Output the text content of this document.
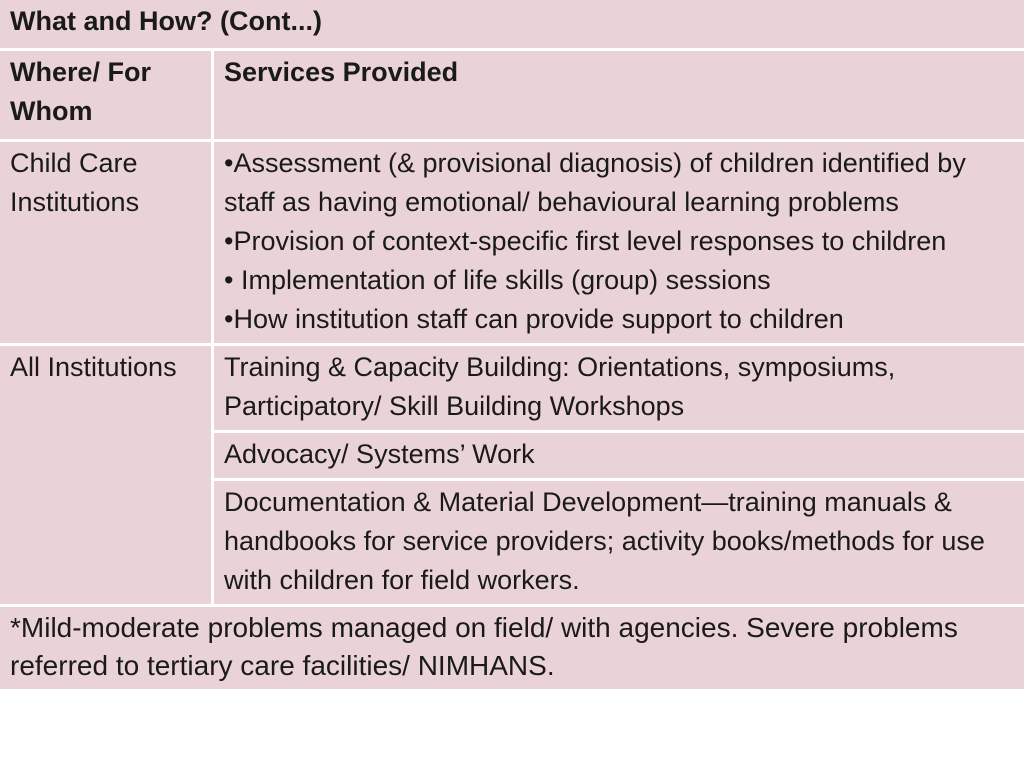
What and How? (Cont...)	
Where/ For Whom	Services Provided
Child Care Institutions	• Assessment (& provisional diagnosis) of children identified by staff as having emotional/ behavioural learning problems
• Provision of context-specific first level responses to children
• Implementation of life skills (group) sessions
• How institution staff can provide support to children

All Institutions	Training & Capacity Building: Orientations, symposiums, Participatory/ Skill Building Workshops
	Advocacy/ Systems’ Work
	Documentation & Material Development—training manuals & handbooks for service providers; activity books/methods for use with children for field workers.
*Mild-moderate problems managed on field/ with agencies. Severe problems referred to tertiary care facilities/ NIMHANS.	
